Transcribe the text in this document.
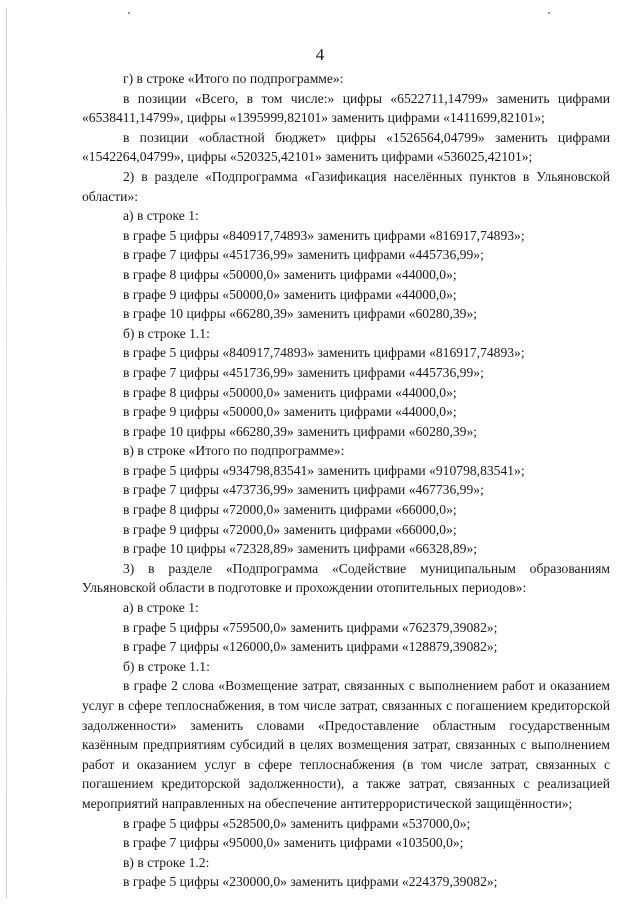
4

г) в строке «Итого по подпрограмме»:

в позиции «Всего, в том числе:» цифры «6522711,14799» заменить цифрами «6538411,14799», цифры «1395999,82101» заменить цифрами «1411699,82101»;

в позиции «областной бюджет» цифры «1526564,04799» заменить цифрами «1542264,04799», цифры «520325,42101» заменить цифрами «536025,42101»;

2) в разделе «Подпрограмма «Газификация населённых пунктов в Ульяновской области»:

а) в строке 1:

в графе 5 цифры «840917,74893» заменить цифрами «816917,74893»;

в графе 7 цифры «451736,99» заменить цифрами «445736,99»;

в графе 8 цифры «50000,0» заменить цифрами «44000,0»;

в графе 9 цифры «50000,0» заменить цифрами «44000,0»;

в графе 10 цифры «66280,39» заменить цифрами «60280,39»;

б) в строке 1.1:

в графе 5 цифры «840917,74893» заменить цифрами «816917,74893»;

в графе 7 цифры «451736,99» заменить цифрами «445736,99»;

в графе 8 цифры «50000,0» заменить цифрами «44000,0»;

в графе 9 цифры «50000,0» заменить цифрами «44000,0»;

в графе 10 цифры «66280,39» заменить цифрами «60280,39»;

в) в строке «Итого по подпрограмме»:

в графе 5 цифры «934798,83541» заменить цифрами «910798,83541»;

в графе 7 цифры «473736,99» заменить цифрами «467736,99»;

в графе 8 цифры «72000,0» заменить цифрами «66000,0»;

в графе 9 цифры «72000,0» заменить цифрами «66000,0»;

в графе 10 цифры «72328,89» заменить цифрами «66328,89»;

3) в разделе «Подпрограмма «Содействие муниципальным образованиям Ульяновской области в подготовке и прохождении отопительных периодов»:

а) в строке 1:

в графе 5 цифры «759500,0» заменить цифрами «762379,39082»;

в графе 7 цифры «126000,0» заменить цифрами «128879,39082»;

б) в строке 1.1:

в графе 2 слова «Возмещение затрат, связанных с выполнением работ и оказанием услуг в сфере теплоснабжения, в том числе затрат, связанных с погашением кредиторской задолженности» заменить словами «Предоставление областным государственным казённым предприятиям субсидий в целях возмещения затрат, связанных с выполнением работ и оказанием услуг в сфере теплоснабжения (в том числе затрат, связанных с погашением кредиторской задолженности), а также затрат, связанных с реализацией мероприятий направленных на обеспечение антитеррористической защищённости»;

в графе 5 цифры «528500,0» заменить цифрами «537000,0»;

в графе 7 цифры «95000,0» заменить цифрами «103500,0»;

в) в строке 1.2:

в графе 5 цифры «230000,0» заменить цифрами «224379,39082»;
